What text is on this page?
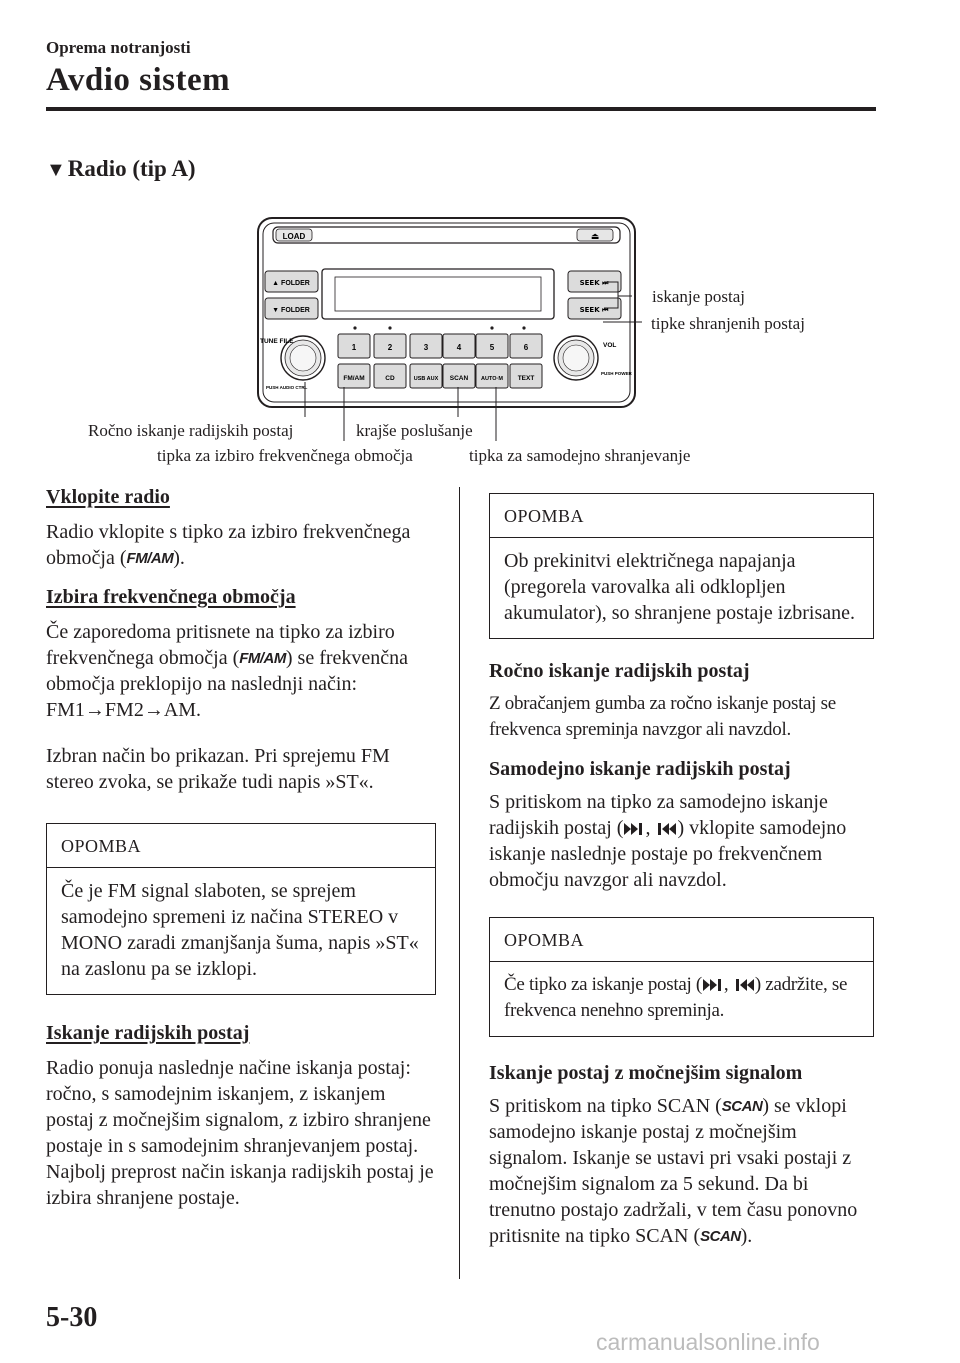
Oprema notranjosti
Avdio sistem
▼Radio (tip A)
LOAD	⏏
▲ FOLDER
▼ FOLDER
SEEK ⏭
SEEK ⏮
1	2	3	4	5	6
FM/AM	CD	USB AUX SCAN AUTO·M TEXT
TUNE FILE
PUSH AUDIO CTRL
VOL
PUSH POWER
iskanje postaj
tipke shranjenih postaj
Ročno iskanje radijskih postaj	krajše poslušanje
tipka za izbiro frekvenčnega območja	tipka za samodejno shranjevanje
Vklopite radio
Radio vklopite s tipko za izbiro frekvenčnega območja (FM/AM).
Izbira frekvenčnega območja
Če zaporedoma pritisnete na tipko za izbiro frekvenčnega območja (FM/AM) se frekvenčna območja preklopijo na naslednji način: FM1→FM2→AM.
Izbran način bo prikazan. Pri sprejemu FM stereo zvoka, se prikaže tudi napis »ST«.
OPOMBA
Če je FM signal slaboten, se sprejem samodejno spremeni iz načina STEREO v MONO zaradi zmanjšanja šuma, napis »ST« na zaslonu pa se izklopi.
Iskanje radijskih postaj
Radio ponuja naslednje načine iskanja postaj: ročno, s samodejnim iskanjem, z iskanjem postaj z močnejšim signalom, z izbiro shranjene postaje in s samodejnim shranjevanjem postaj. Najbolj preprost način iskanja radijskih postaj je izbira shranjene postaje.
OPOMBA
Ob prekinitvi električnega napajanja (pregorela varovalka ali odklopljen akumulator), so shranjene postaje izbrisane.
Ročno iskanje radijskih postaj
Z obračanjem gumba za ročno iskanje postaj se frekvenca spreminja navzgor ali navzdol.
Samodejno iskanje radijskih postaj
S pritiskom na tipko za samodejno iskanje radijskih postaj ( , ) vklopite samodejno iskanje naslednje postaje po frekvenčnem območju navzgor ali navzdol.
OPOMBA
Če tipko za iskanje postaj ( , ) zadržite, se frekvenca nenehno spreminja.
Iskanje postaj z močnejšim signalom
S pritiskom na tipko SCAN (SCAN) se vklopi samodejno iskanje postaj z močnejšim signalom. Iskanje se ustavi pri vsaki postaji z močnejšim signalom za 5 sekund. Da bi trenutno postajo zadržali, v tem času ponovno pritisnite na tipko SCAN (SCAN).
5-30
carmanualsonline.info
